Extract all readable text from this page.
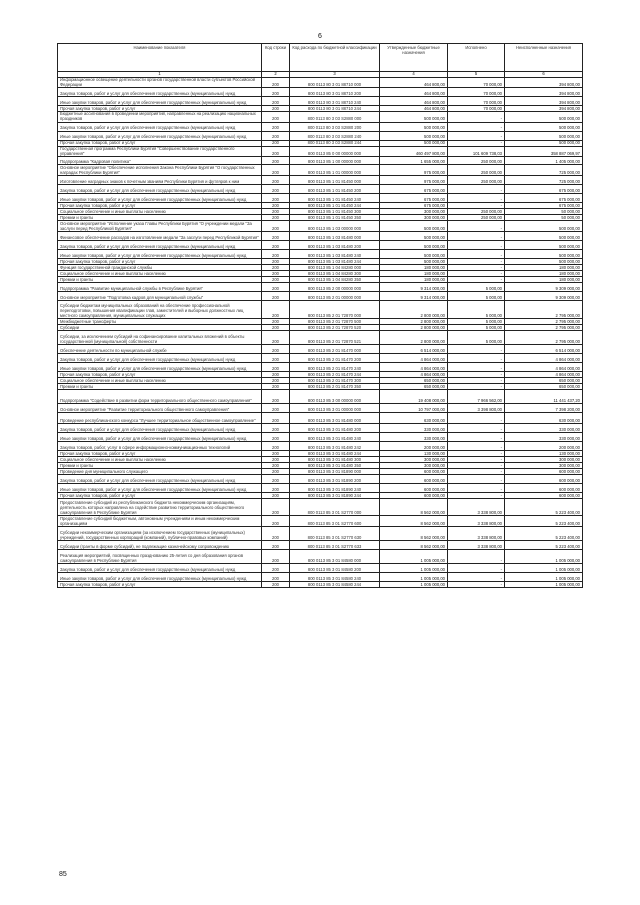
6
Наименование показателя	Код строки	Код расхода по бюджетной классификации	Утвержденные бюджетные назначения	Исполнено	Неисполненные назначения
1	2	3	4	5	6
Информационное освещение деятельности органов государственной власти субъектов Российской Федерации	200	800 0113 80 3 01 88710 000	464 800,00	70 000,00	394 800,00
Закупка товаров, работ и услуг для обеспечения государственных (муниципальных) нужд	200	800 0113 80 3 01 88710 200	464 800,00	70 000,00	394 800,00
Иные закупки товаров, работ и услуг для обеспечения государственных (муниципальных) нужд	200	800 0113 80 3 01 88710 240	464 800,00	70 000,00	394 800,00
Прочая закупка товаров, работ и услуг	200	800 0113 80 3 01 88710 244	464 800,00	70 000,00	394 800,00
Бюджетные ассигнования в проведении мероприятий, направленных на реализацию национальных праздников	200	800 0113 80 3 03 S2880 000	500 000,00	-	500 000,00
Закупка товаров, работ и услуг для обеспечения государственных (муниципальных) нужд	200	800 0113 80 3 03 S2880 200	500 000,00	-	500 000,00
Иные закупки товаров, работ и услуг для обеспечения государственных (муниципальных) нужд	200	800 0113 80 3 03 S2880 240	500 000,00	-	500 000,00
Прочая закупка товаров, работ и услуг	200	800 0113 80 3 03 S2880 244	500 000,00	-	500 000,00
Государственная программа Республики Бурятия "Совершенствование государственного управления"	200	800 0113 85 0 00 00000 000	460 497 800,00	101 609 738,03	358 887 069,97
Подпрограмма "Кадровая политика"	200	800 0113 85 1 00 00000 000	1 655 000,00	250 000,00	1 405 000,00
Основное мероприятие "Обеспечение исполнения Закона Республики Бурятия "О государственных наградах Республики Бурятия"	200	800 0113 85 1 01 00000 000	975 000,00	250 000,00	725 000,00
Изготовление наградных знаков к почетным званиям Республики Бурятия и футляров к ним	200	800 0113 85 1 01 81450 000	975 000,00	250 000,00	725 000,00
Закупка товаров, работ и услуг для обеспечения государственных (муниципальных) нужд	200	800 0113 85 1 01 81450 200	675 000,00	-	675 000,00
Иные закупки товаров, работ и услуг для обеспечения государственных (муниципальных) нужд	200	800 0113 85 1 01 81450 240	675 000,00	-	675 000,00
Прочая закупка товаров, работ и услуг	200	800 0113 85 1 01 81450 244	675 000,00	-	675 000,00
Социальное обеспечение и иные выплаты населению	200	800 0113 85 1 01 81450 300	300 000,00	250 000,00	50 000,00
Премии и гранты	200	800 0113 85 1 01 81450 350	300 000,00	250 000,00	50 000,00
Основное мероприятие "Исполнение указа Главы Республики Бурятия "О учреждении медали "За заслуги перед Республикой Бурятия"	200	800 0113 85 1 03 00000 000	500 000,00	-	500 000,00
Финансовое обеспечение расходов на изготовление медали "За заслуги перед Республикой Бурятия"	200	800 0113 85 1 03 81480 000	500 000,00	-	500 000,00
Закупка товаров, работ и услуг для обеспечения государственных (муниципальных) нужд	200	800 0113 85 1 03 81480 200	500 000,00	-	500 000,00
Иные закупки товаров, работ и услуг для обеспечения государственных (муниципальных) нужд	200	800 0113 85 1 03 81480 240	500 000,00	-	500 000,00
Прочая закупка товаров, работ и услуг	200	800 0113 85 1 03 81480 244	500 000,00	-	500 000,00
Функция государственной гражданской службы	200	800 0113 85 1 04 84280 000	180 000,00	-	180 000,00
Социальное обеспечение и иные выплаты населению	200	800 0113 85 1 04 84280 300	180 000,00	-	180 000,00
Премии и гранты	200	800 0113 85 1 04 84280 350	180 000,00	-	180 000,00
Подпрограмма "Развитие муниципальной службы в Республике Бурятия"	200	800 0113 85 2 00 00000 000	9 314 000,00	5 000,00	9 309 000,00
Основное мероприятие "Подготовка кадров для муниципальной службы"	200	800 0113 85 2 01 00000 000	9 314 000,00	5 000,00	9 309 000,00
Субсидии бюджетам муниципальных образований на обеспечение профессиональной переподготовки, повышения квалификации глав, заместителей и выборных должностных лиц местного самоуправления, муниципальных служащих	200	800 0113 85 2 01 72870 000	2 800 000,00	5 000,00	2 795 000,00
Межбюджетные трансферты	200	800 0113 85 2 01 72870 500	2 800 000,00	5 000,00	2 795 000,00
Субсидии	200	800 0113 85 2 01 72870 520	2 800 000,00	5 000,00	2 795 000,00
Субсидии, за исключением субсидий на софинансирование капитальных вложений в объекты государственной (муниципальной) собственности	200	800 0113 85 2 01 72870 521	2 800 000,00	5 000,00	2 795 000,00
Обеспечение деятельности по муниципальной службе	200	800 0113 85 2 01 81470 000	6 514 000,00	-	6 514 000,00
Закупка товаров, работ и услуг для обеспечения государственных (муниципальных) нужд	200	800 0113 85 2 01 81470 200	4 864 000,00	-	4 864 000,00
Иные закупки товаров, работ и услуг для обеспечения государственных (муниципальных) нужд	200	800 0113 85 2 01 81470 240	4 864 000,00	-	4 864 000,00
Прочая закупка товаров, работ и услуг	200	800 0113 85 2 01 81470 244	4 864 000,00	-	4 864 000,00
Социальное обеспечение и иные выплаты населению	200	800 0113 85 2 01 81470 300	650 000,00	-	650 000,00
Премии и гранты	200	800 0113 85 2 01 81470 350	650 000,00	-	650 000,00
Подпрограмма "Содействие в развитии форм территориального общественного самоуправления"	200	800 0113 85 3 00 00000 000	19 408 000,00	7 966 562,00	11 441 437,20
Основное мероприятие "Развитие территориального общественного самоуправления"	200	800 0113 85 3 01 00000 000	10 797 000,00	3 398 800,00	7 398 200,00
Проведение республиканского конкурса "Лучшее территориальное общественное самоуправление"	200	800 0113 85 3 01 81480 000	630 000,00	-	630 000,00
Закупка товаров, работ и услуг для обеспечения государственных (муниципальных) нужд	200	800 0113 85 3 01 81480 200	330 000,00	-	330 000,00
Иные закупки товаров, работ и услуг для обеспечения государственных (муниципальных) нужд	200	800 0113 85 3 01 81480 240	330 000,00	-	330 000,00
Закупка товаров, работ, услуг в сфере информационно-коммуникационных технологий	200	800 0113 85 3 01 81480 242	200 000,00	-	200 000,00
Прочая закупка товаров, работ и услуг	200	800 0113 85 3 01 81480 244	130 000,00	-	130 000,00
Социальное обеспечение и иные выплаты населению	200	800 0113 85 3 01 81480 300	300 000,00	-	300 000,00
Премии и гранты	200	800 0113 85 3 01 81480 350	300 000,00	-	300 000,00
Проведение дня муниципального служащего	200	800 0113 85 3 01 81890 000	600 000,00	-	600 000,00
Закупка товаров, работ и услуг для обеспечения государственных (муниципальных) нужд	200	800 0113 85 3 01 81890 200	600 000,00	-	600 000,00
Иные закупки товаров, работ и услуг для обеспечения государственных (муниципальных) нужд	200	800 0113 85 3 01 81890 240	600 000,00	-	600 000,00
Прочая закупка товаров, работ и услуг	200	800 0113 85 3 01 81890 244	600 000,00	-	600 000,00
Предоставление субсидий из республиканского бюджета некоммерческим организациям, деятельность которых направлена на содействие развитию территориального общественного самоуправления в Республике Бурятия	200	800 0113 85 3 01 S2770 000	8 562 000,00	3 338 800,00	5 223 400,00
Предоставление субсидий бюджетным, автономным учреждениям и иным некоммерческим организациям	200	800 0113 85 3 01 S2770 600	8 562 000,00	3 338 800,00	5 223 400,00
Субсидии некоммерческим организациям (за исключением государственных (муниципальных) учреждений, государственных корпораций (компаний), публично-правовых компаний)	200	800 0113 85 3 01 S2770 630	8 562 000,00	3 338 800,00	5 223 400,00
Субсидии (гранты в форме субсидий), не подлежащие казначейскому сопровождению	200	800 0113 85 3 01 S2770 633	8 562 000,00	3 338 800,00	5 223 400,00
Реализация мероприятий, посвященных празднованию 25-летия со дня образования органов самоуправления в Республике Бурятия	200	800 0113 85 3 01 84580 000	1 005 000,00	-	1 005 000,00
Закупка товаров, работ и услуг для обеспечения государственных (муниципальных) нужд	200	800 0113 85 3 01 84580 200	1 005 000,00	-	1 005 000,00
Иные закупки товаров, работ и услуг для обеспечения государственных (муниципальных) нужд	200	800 0113 85 3 01 84580 240	1 005 000,00	-	1 005 000,00
Прочая закупка товаров, работ и услуг	200	800 0113 85 3 01 84580 244	1 005 000,00	-	1 005 000,00
85
